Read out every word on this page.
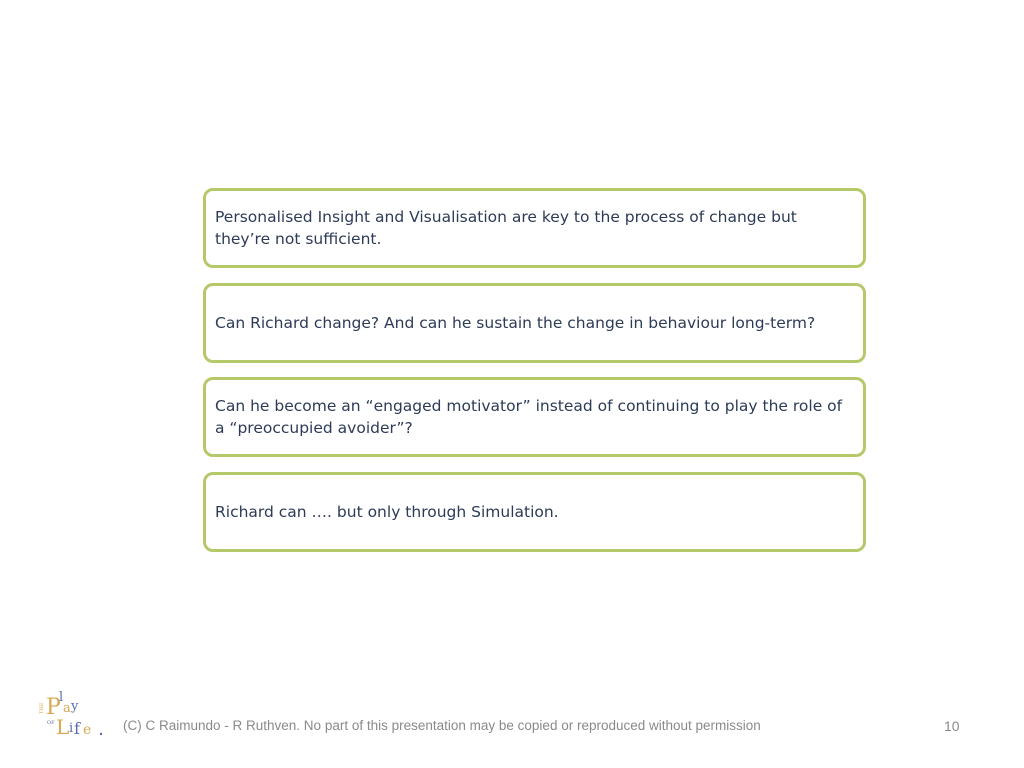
Personalised Insight and Visualisation are key to the process of change but they’re not sufficient.
Can Richard change? And can he sustain the change in behaviour long-term?
Can he become an “engaged motivator” instead of continuing to play the role of a “preoccupied avoider”?
Richard can …. but only through Simulation.
THE P
l
a y
OF L i f e (C) C Raimundo - R Ruthven. No part of this presentation may be copied or reproduced without permission	10
